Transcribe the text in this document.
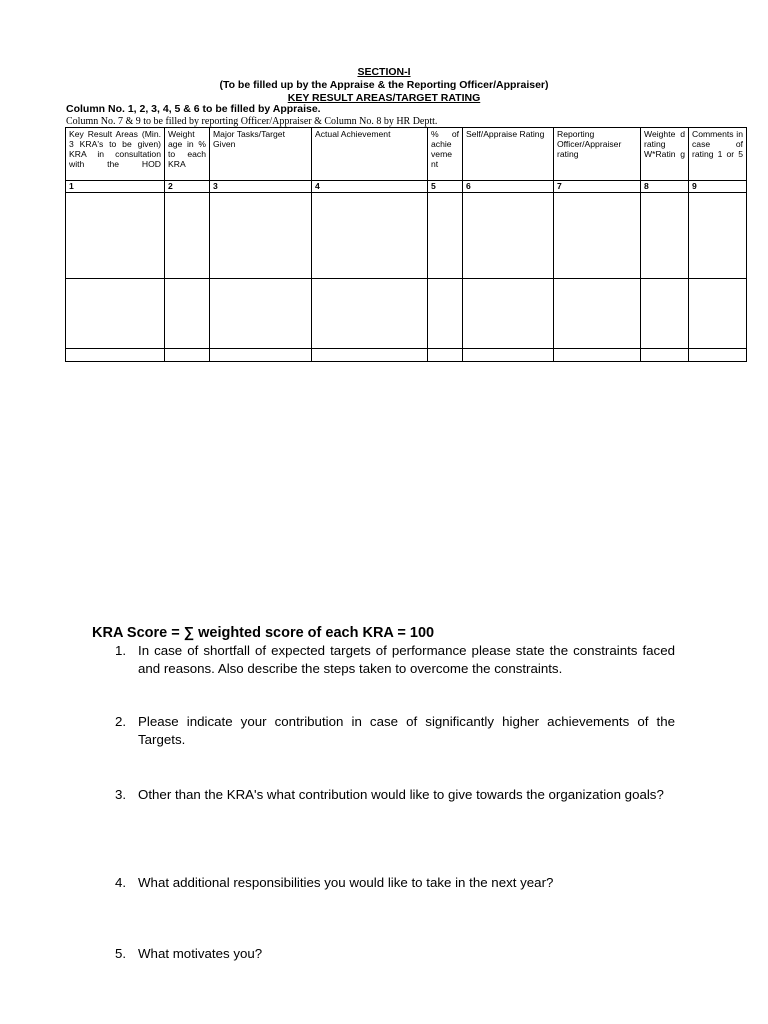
SECTION-I
(To be filled up by the Appraise & the Reporting Officer/Appraiser)
KEY RESULT AREAS/TARGET RATING
Column No. 1, 2, 3, 4, 5 & 6 to be filled by Appraise.
Column No. 7 & 9 to be filled by reporting Officer/Appraiser & Column No. 8 by HR Deptt.
Key Result Areas (Min. 3 KRA's to be given) KRA in consultation with the HOD	Weight age in % to each KRA	Major Tasks/Target Given	Actual Achievement	% of achie veme nt	Self/Appraise Rating	Reporting Officer/Appraiser rating	Weighte d rating W*Ratin g	Comments in case of rating 1 or 5
1	2	3	4	5	6	7	8	9

KRA Score = ∑ weighted score of each KRA = 100
1. In case of shortfall of expected targets of performance please state the constraints faced and reasons. Also describe the steps taken to overcome the constraints.
2. Please indicate your contribution in case of significantly higher achievements of the Targets.
3. Other than the KRA's what contribution would like to give towards the organization goals?
4. What additional responsibilities you would like to take in the next year?
5. What motivates you?
